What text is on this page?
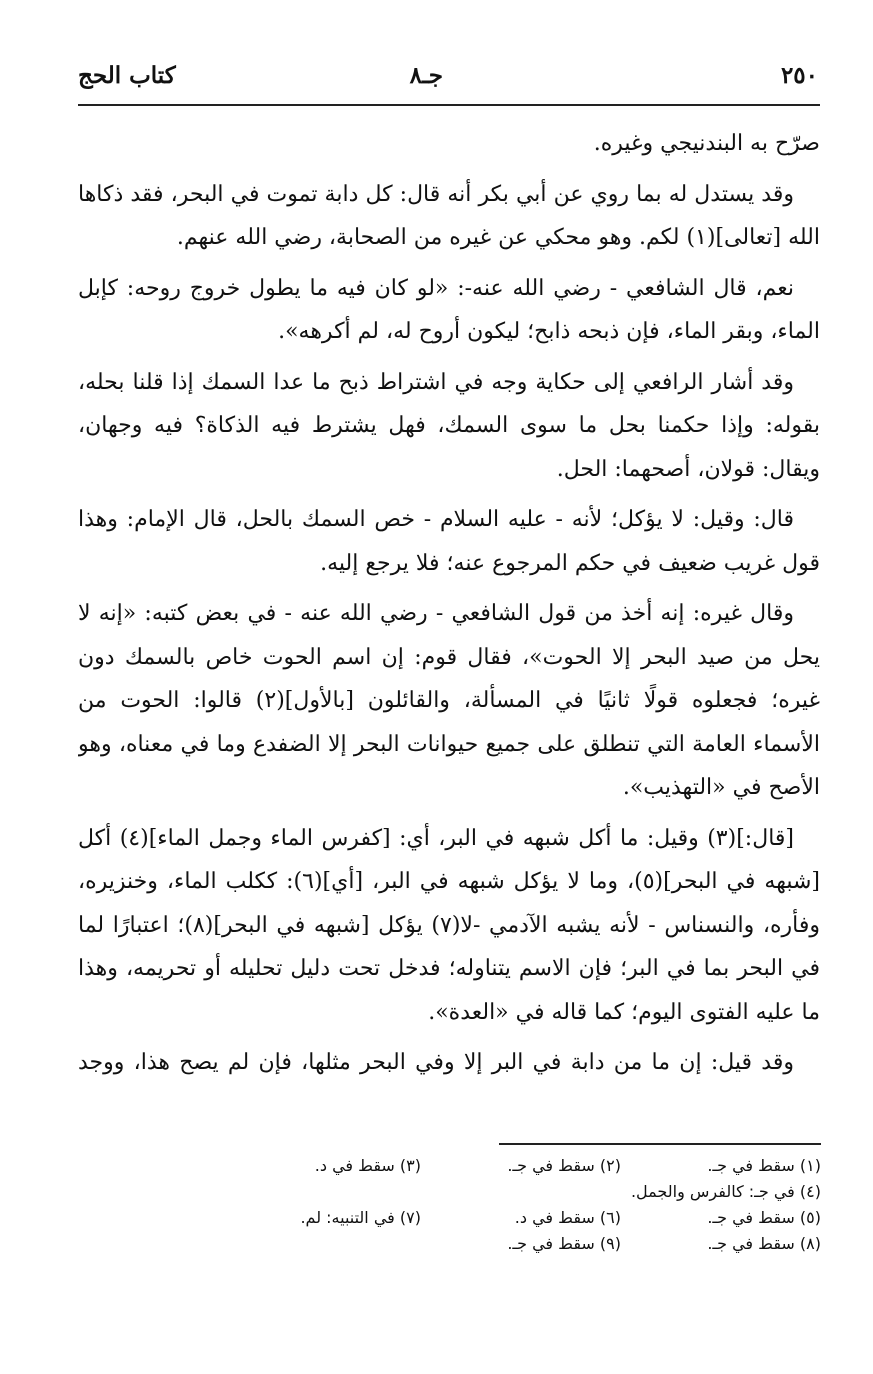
٢٥٠
جـ٨
كتاب الحج

صرّح به البندنيجي وغيره.

وقد يستدل له بما روي عن أبي بكر أنه قال: كل دابة تموت في البحر، فقد ذكاها الله [تعالى](١) لكم. وهو محكي عن غيره من الصحابة، رضي الله عنهم.

نعم، قال الشافعي - رضي الله عنه-: «لو كان فيه ما يطول خروج روحه: كإبل الماء، وبقر الماء، فإن ذبحه ذابح؛ ليكون أروح له، لم أكرهه».

وقد أشار الرافعي إلى حكاية وجه في اشتراط ذبح ما عدا السمك إذا قلنا بحله، بقوله: وإذا حكمنا بحل ما سوى السمك، فهل يشترط فيه الذكاة؟ فيه وجهان، ويقال: قولان، أصحهما: الحل.

قال: وقيل: لا يؤكل؛ لأنه - عليه السلام - خص السمك بالحل، قال الإمام: وهذا قول غريب ضعيف في حكم المرجوع عنه؛ فلا يرجع إليه.

وقال غيره: إنه أخذ من قول الشافعي - رضي الله عنه - في بعض كتبه: «إنه لا يحل من صيد البحر إلا الحوت»، فقال قوم: إن اسم الحوت خاص بالسمك دون غيره؛ فجعلوه قولًا ثانيًا في المسألة، والقائلون [بالأول](٢) قالوا: الحوت من الأسماء العامة التي تنطلق على جميع حيوانات البحر إلا الضفدع وما في معناه، وهو الأصح في «التهذيب».

[قال:](٣) وقيل: ما أكل شبهه في البر، أي: [كفرس الماء وجمل الماء](٤) أكل [شبهه في البحر](٥)، وما لا يؤكل شبهه في البر، [أي](٦): ككلب الماء، وخنزيره، وفأره، والنسناس - لأنه يشبه الآدمي -لا(٧) يؤكل [شبهه في البحر](٨)؛ اعتبارًا لما في البحر بما في البر؛ فإن الاسم يتناوله؛ فدخل تحت دليل تحليله أو تحريمه، وهذا ما عليه الفتوى اليوم؛ كما قاله في «العدة».

وقد قيل: إن ما من دابة في البر إلا وفي البحر مثلها، فإن لم يصح هذا، ووجد

(١) سقط في جـ.
(٢) سقط في جـ.
(٣) سقط في د.
(٤) في جـ: كالفرس والجمل.
(٥) سقط في جـ.
(٦) سقط في د.
(٧) في التنبيه: لم.
(٨) سقط في جـ.
(٩) سقط في جـ.
